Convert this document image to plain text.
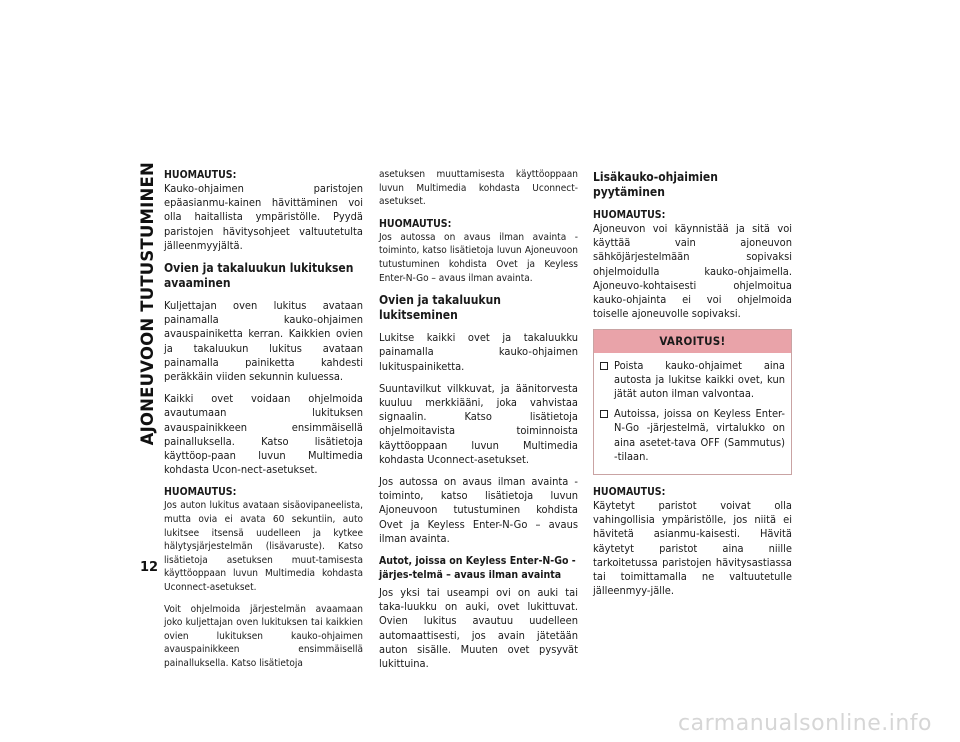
AJONEUVOON TUTUSTUMINEN
12
HUOMAUTUS:
Kauko-ohjaimen paristojen epäasianmu-kainen hävittäminen voi olla haitallista ympäristölle. Pyydä paristojen hävitysohjeet valtuutetulta jälleenmyyjältä.
Ovien ja takaluukun lukituksen avaaminen
Kuljettajan oven lukitus avataan painamalla kauko-ohjaimen avauspainiketta kerran. Kaikkien ovien ja takaluukun lukitus avataan painamalla painiketta kahdesti peräkkäin viiden sekunnin kuluessa.
Kaikki ovet voidaan ohjelmoida avautumaan lukituksen avauspainikkeen ensimmäisellä painalluksella. Katso lisätietoja käyttöop-paan luvun Multimedia kohdasta Ucon-nect-asetukset.
HUOMAUTUS:
Jos auton lukitus avataan sisäovipaneelista, mutta ovia ei avata 60 sekuntiin, auto lukitsee itsensä uudelleen ja kytkee hälytysjärjestelmän (lisävaruste). Katso lisätietoja asetuksen muut-tamisesta käyttöoppaan luvun Multimedia kohdasta Uconnect-asetukset.
Voit ohjelmoida järjestelmän avaamaan joko kuljettajan oven lukituksen tai kaikkien ovien lukituksen kauko-ohjaimen avauspainikkeen ensimmäisellä painalluksella. Katso lisätietoja
asetuksen muuttamisesta käyttöoppaan luvun Multimedia kohdasta Uconnect-asetukset.
HUOMAUTUS:
Jos autossa on avaus ilman avainta -toiminto, katso lisätietoja luvun Ajoneuvoon tutustuminen kohdista Ovet ja Keyless Enter-N-Go – avaus ilman avainta.
Ovien ja takaluukun lukitseminen
Lukitse kaikki ovet ja takaluukku painamalla kauko-ohjaimen lukituspainiketta.
Suuntavilkut vilkkuvat, ja äänitorvesta kuuluu merkkiääni, joka vahvistaa signaalin. Katso lisätietoja ohjelmoitavista toiminnoista käyttöoppaan luvun Multimedia kohdasta Uconnect-asetukset.
Jos autossa on avaus ilman avainta -toiminto, katso lisätietoja luvun Ajoneuvoon tutustuminen kohdista Ovet ja Keyless Enter-N-Go – avaus ilman avainta.
Autot, joissa on Keyless Enter-N-Go -järjes-telmä – avaus ilman avainta
Jos yksi tai useampi ovi on auki tai taka-luukku on auki, ovet lukittuvat. Ovien lukitus avautuu uudelleen automaattisesti, jos avain jätetään auton sisälle. Muuten ovet pysyvät lukittuina.
Lisäkauko-ohjaimien pyytäminen
HUOMAUTUS:
Ajoneuvon voi käynnistää ja sitä voi käyttää vain ajoneuvon sähköjärjestelmään sopivaksi ohjelmoidulla kauko-ohjaimella. Ajoneuvo-kohtaisesti ohjelmoitua kauko-ohjainta ei voi ohjelmoida toiselle ajoneuvolle sopivaksi.
VAROITUS!
Poista kauko-ohjaimet aina autosta ja lukitse kaikki ovet, kun jätät auton ilman valvontaa.
Autoissa, joissa on Keyless Enter-N-Go -järjestelmä, virtalukko on aina asetet-tava OFF (Sammutus) -tilaan.
HUOMAUTUS:
Käytetyt paristot voivat olla vahingollisia ympäristölle, jos niitä ei hävitetä asianmu-kaisesti. Hävitä käytetyt paristot aina niille tarkoitetussa paristojen hävitysastiassa tai toimittamalla ne valtuutetulle jälleenmyy-jälle.
carmanualsonline.info
